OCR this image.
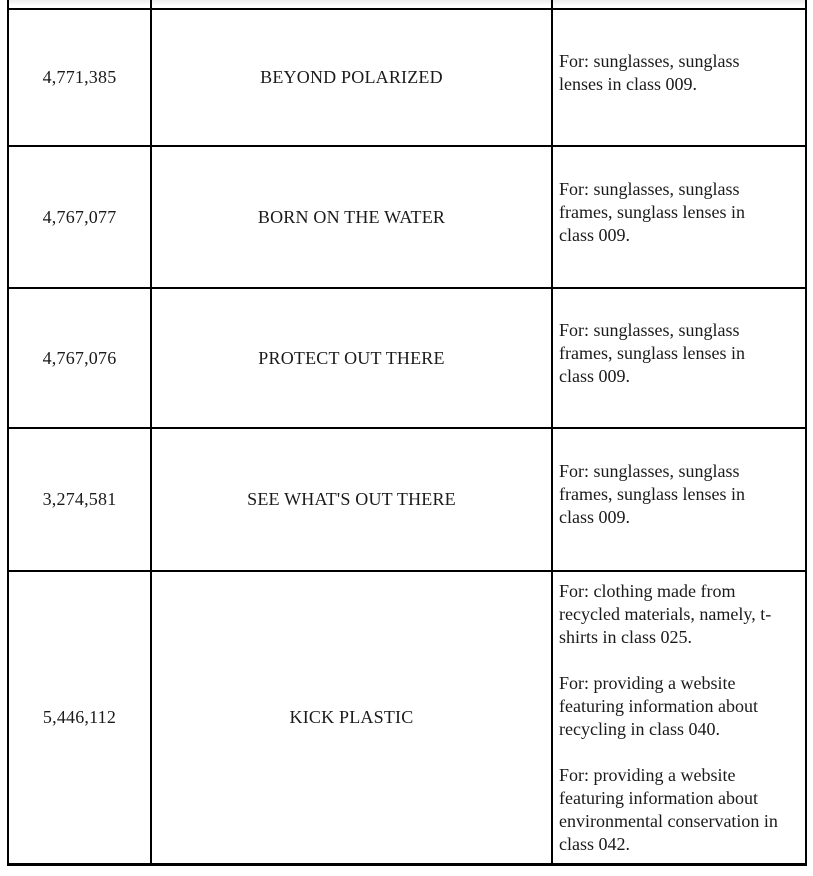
4,771,385	BEYOND POLARIZED

For: sunglasses, sunglass lenses in class 009.

4,767,077	BORN ON THE WATER

For: sunglasses, sunglass frames, sunglass lenses in class 009.

4,767,076	PROTECT OUT THERE

For: sunglasses, sunglass frames, sunglass lenses in class 009.

3,274,581	SEE WHAT'S OUT THERE

For: sunglasses, sunglass frames, sunglass lenses in class 009.

5,446,112	KICK PLASTIC

For: clothing made from recycled materials, namely, t-shirts in class 025.

For: providing a website featuring information about recycling in class 040.

For: providing a website featuring information about environmental conservation in class 042.
